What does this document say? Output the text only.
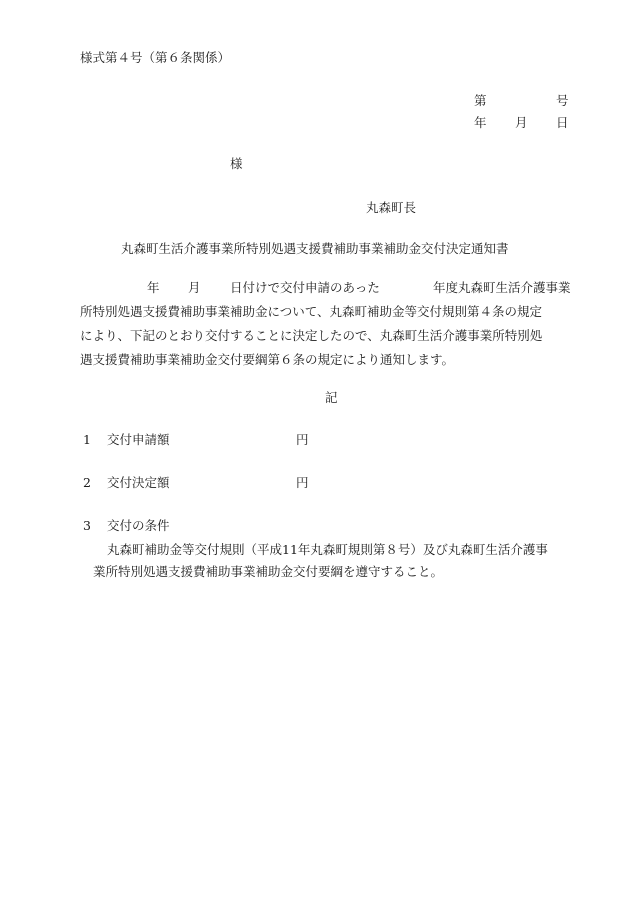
様式第４号（第６条関係）
第	号
年 月 日
様
丸森町長
丸森町生活介護事業所特別処遇支援費補助事業補助金交付決定通知書
年 月 日付けで交付申請のあった	年度丸森町生活介護事業
所特別処遇支援費補助事業補助金について、丸森町補助金等交付規則第４条の規定
により、下記のとおり交付することに決定したので、丸森町生活介護事業所特別処
遇支援費補助事業補助金交付要綱第６条の規定により通知します。
記
1 交付申請額	円
2 交付決定額	円
3 交付の条件
丸森町補助金等交付規則（平成11年丸森町規則第８号）及び丸森町生活介護事
業所特別処遇支援費補助事業補助金交付要綱を遵守すること。
